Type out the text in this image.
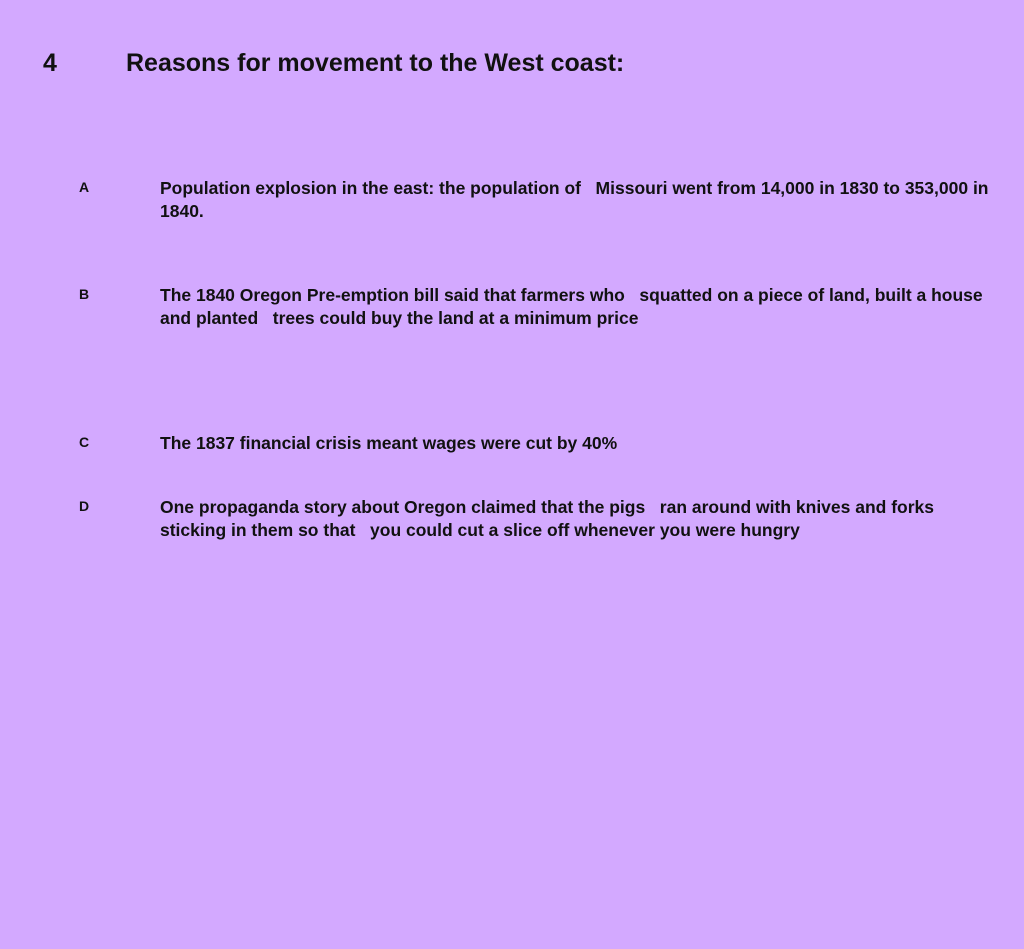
4	Reasons for movement to the West coast:
A	Population explosion in the east: the population of   Missouri went from 14,000 in 1830 to 353,000 in 1840.
B	The 1840 Oregon Pre-emption bill said that farmers who   squatted on a piece of land, built a house and planted   trees could buy the land at a minimum price
C	The 1837 financial crisis meant wages were cut by 40%
D	One propaganda story about Oregon claimed that the pigs   ran around with knives and forks sticking in them so that   you could cut a slice off whenever you were hungry
